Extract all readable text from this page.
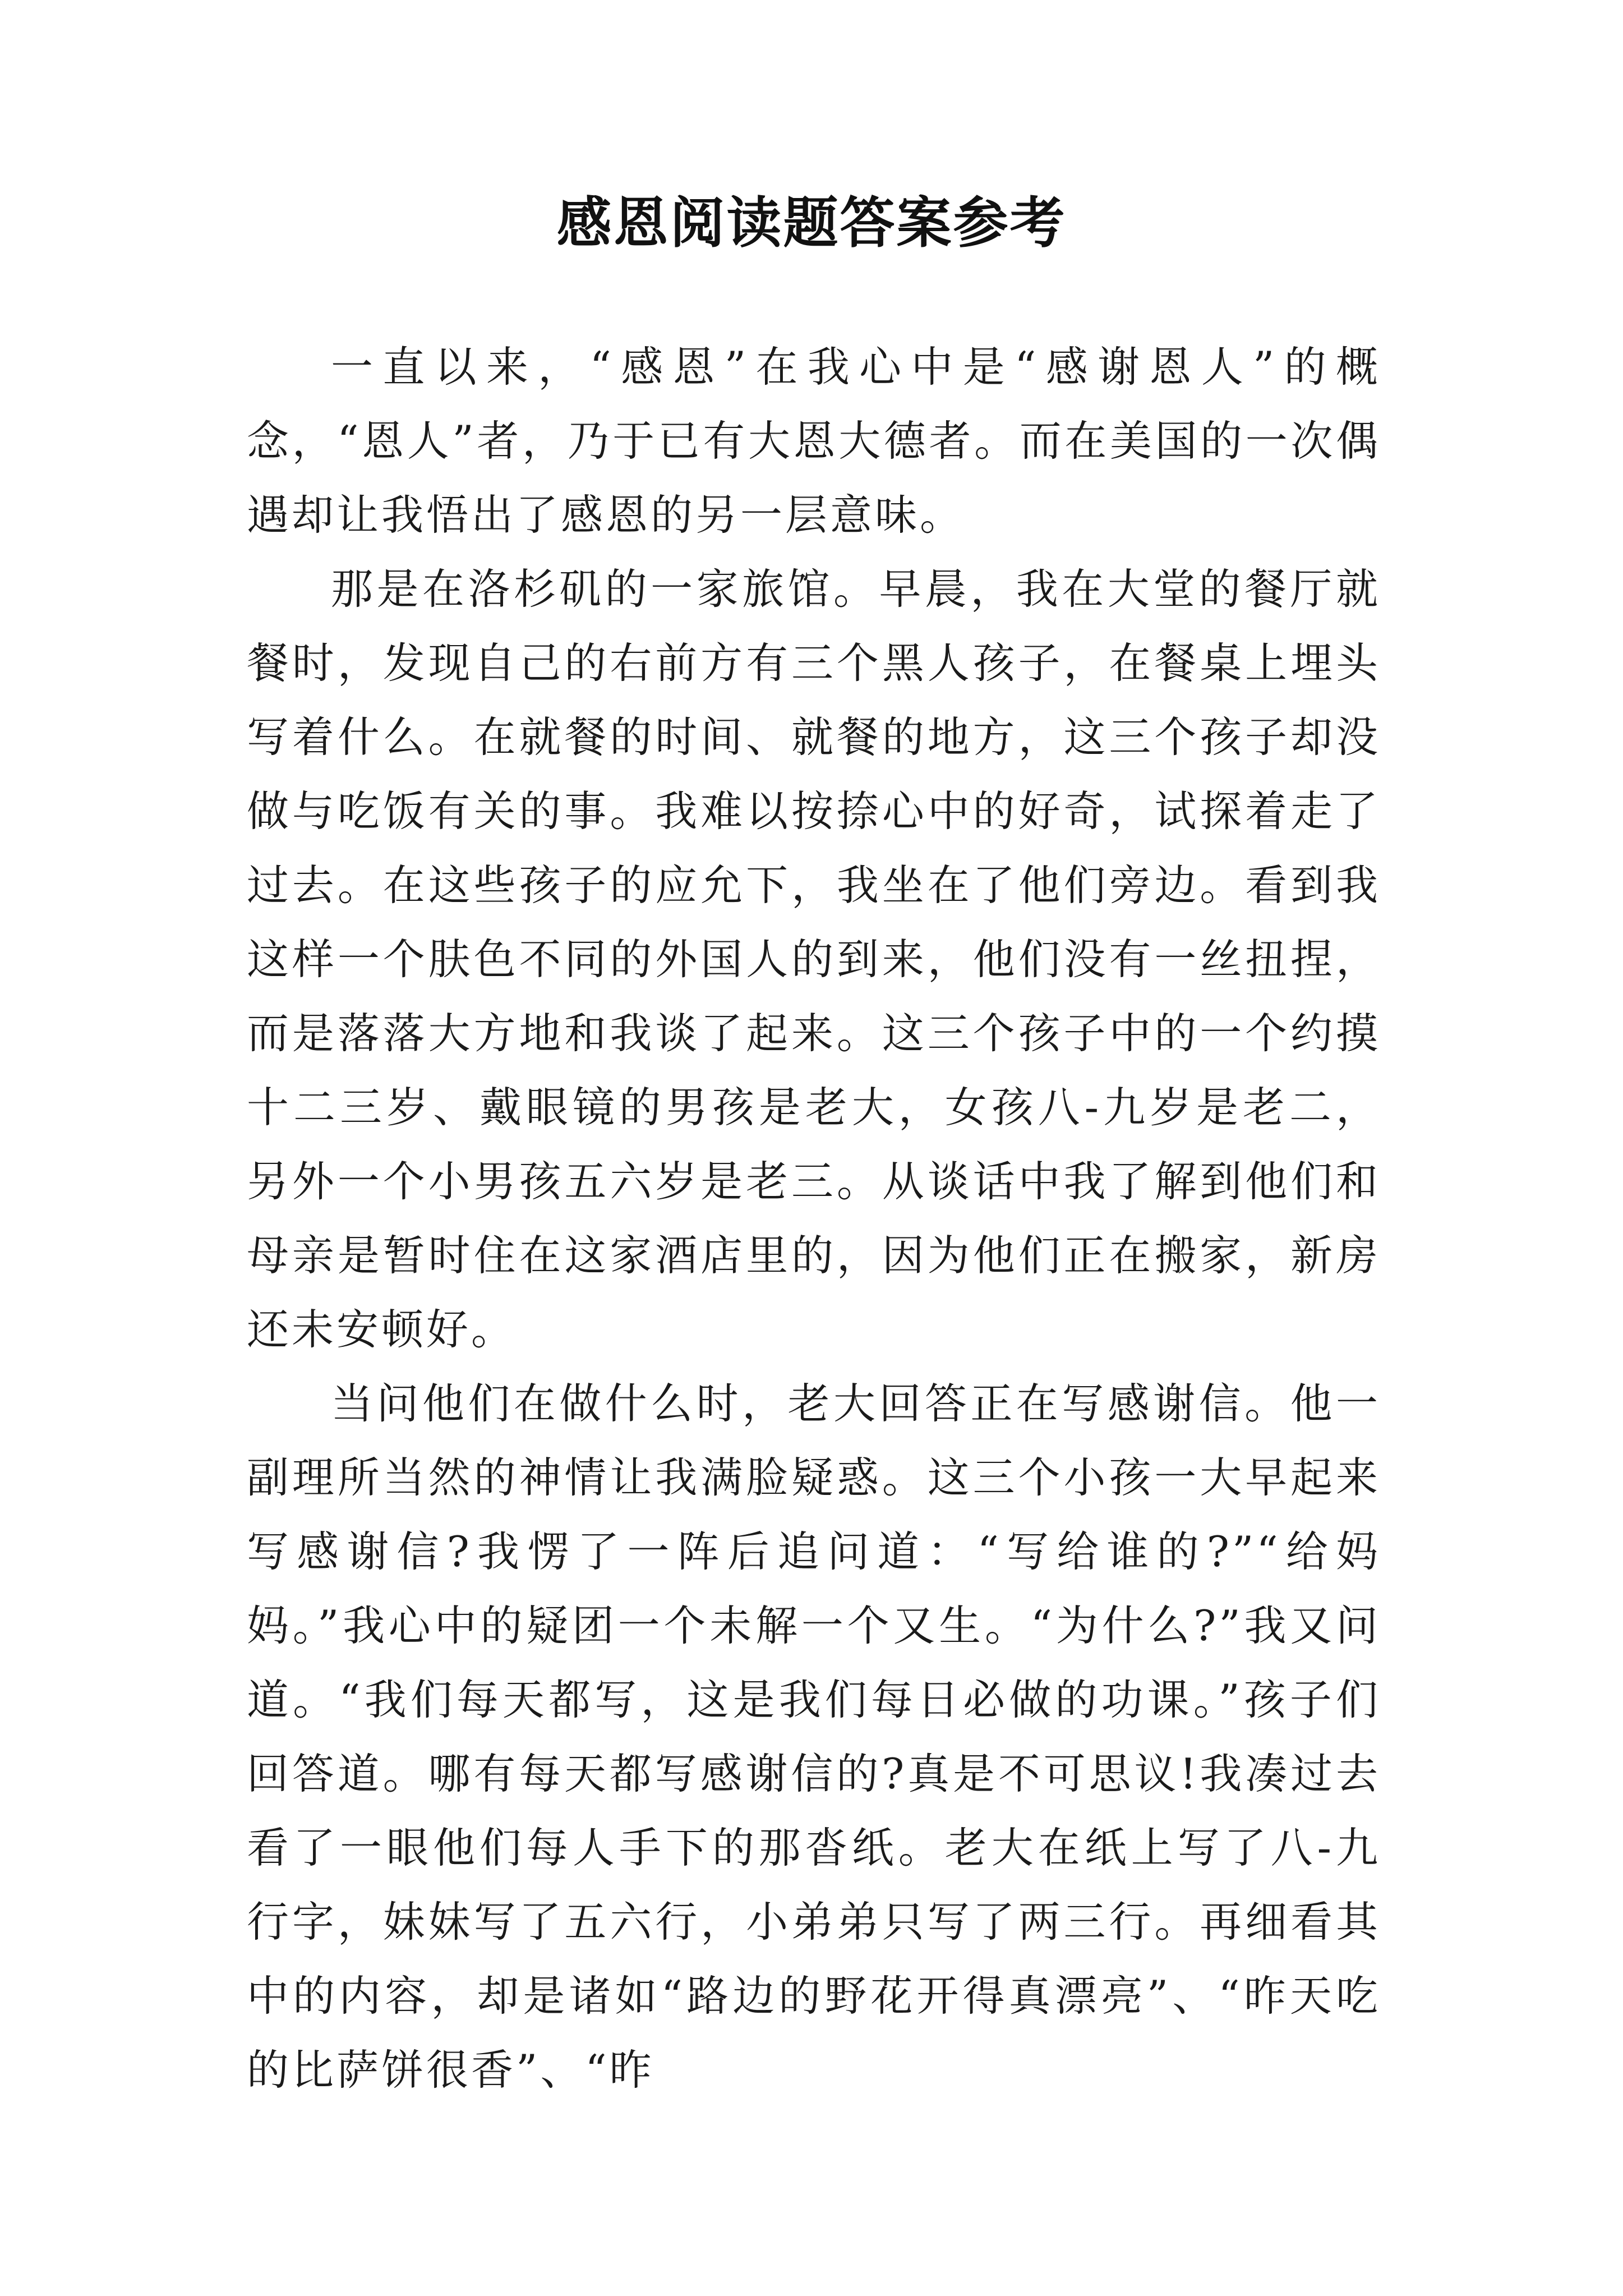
感恩阅读题答案参考

一直以来，“感恩”在我心中是“感谢恩人”的概念，“恩人”者，乃于已有大恩大德者。而在美国的一次偶遇却让我悟出了感恩的另一层意味。

那是在洛杉矶的一家旅馆。早晨，我在大堂的餐厅就餐时，发现自己的右前方有三个黑人孩子，在餐桌上埋头写着什么。在就餐的时间、就餐的地方，这三个孩子却没做与吃饭有关的事。我难以按捺心中的好奇，试探着走了过去。在这些孩子的应允下，我坐在了他们旁边。看到我这样一个肤色不同的外国人的到来，他们没有一丝扭捏，而是落落大方地和我谈了起来。这三个孩子中的一个约摸十二三岁、戴眼镜的男孩是老大，女孩八-九岁是老二，另外一个小男孩五六岁是老三。从谈话中我了解到他们和母亲是暂时住在这家酒店里的，因为他们正在搬家，新房还未安顿好。

当问他们在做什么时，老大回答正在写感谢信。他一副理所当然的神情让我满脸疑惑。这三个小孩一大早起来写感谢信?我愣了一阵后追问道：“写给谁的?”“给妈妈。”我心中的疑团一个未解一个又生。“为什么?”我又问道。“我们每天都写，这是我们每日必做的功课。”孩子们回答道。哪有每天都写感谢信的?真是不可思议!我凑过去看了一眼他们每人手下的那沓纸。老大在纸上写了八-九行字，妹妹写了五六行，小弟弟只写了两三行。再细看其中的内容，却是诸如“路边的野花开得真漂亮”、“昨天吃的比萨饼很香”、“昨
